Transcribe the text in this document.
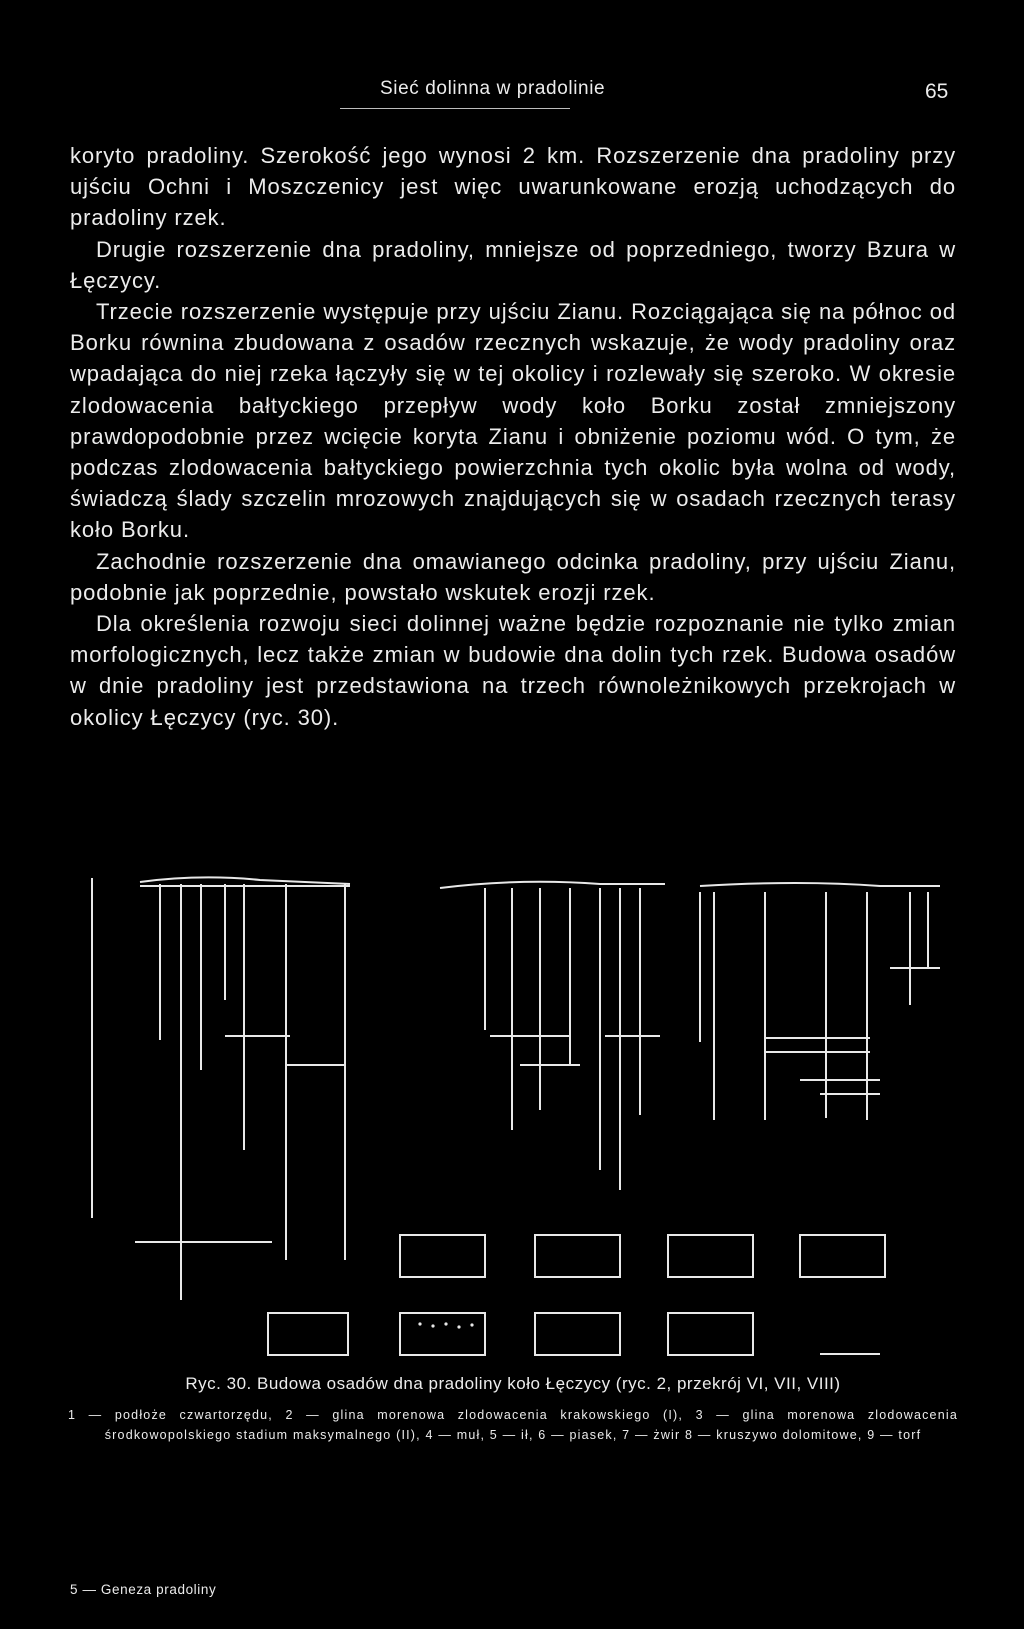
Sieć dolinna w pradolinie	65

koryto pradoliny. Szerokość jego wynosi 2 km. Rozszerzenie dna pradoliny przy ujściu Ochni i Moszczenicy jest więc uwarunkowane erozją uchodzących do pradoliny rzek.

Drugie rozszerzenie dna pradoliny, mniejsze od poprzedniego, tworzy Bzura w Łęczycy.

Trzecie rozszerzenie występuje przy ujściu Zianu. Rozciągająca się na północ od Borku równina zbudowana z osadów rzecznych wskazuje, że wody pradoliny oraz wpadająca do niej rzeka łączyły się w tej okolicy i rozlewały się szeroko. W okresie zlodowacenia bałtyckiego przepływ wody koło Borku został zmniejszony prawdopodobnie przez wcięcie koryta Zianu i obniżenie poziomu wód. O tym, że podczas zlodowacenia bałtyckiego powierzchnia tych okolic była wolna od wody, świadczą ślady szczelin mrozowych znajdujących się w osadach rzecznych terasy koło Borku.

Zachodnie rozszerzenie dna omawianego odcinka pradoliny, przy ujściu Zianu, podobnie jak poprzednie, powstało wskutek erozji rzek.

Dla określenia rozwoju sieci dolinnej ważne będzie rozpoznanie nie tylko zmian morfologicznych, lecz także zmian w budowie dna dolin tych rzek. Budowa osadów w dnie pradoliny jest przedstawiona na trzech równoleżnikowych przekrojach w okolicy Łęczycy (ryc. 30).

Ryc. 30. Budowa osadów dna pradoliny koło Łęczycy (ryc. 2, przekrój VI, VII, VIII)
1 — podłoże czwartorzędu, 2 — glina morenowa zlodowacenia krakowskiego (I), 3 — glina morenowa zlodowacenia środkowopolskiego stadium maksymalnego (II), 4 — muł, 5 — ił, 6 — piasek, 7 — żwir 8 — kruszywo dolomitowe, 9 — torf
5 — Geneza pradoliny
